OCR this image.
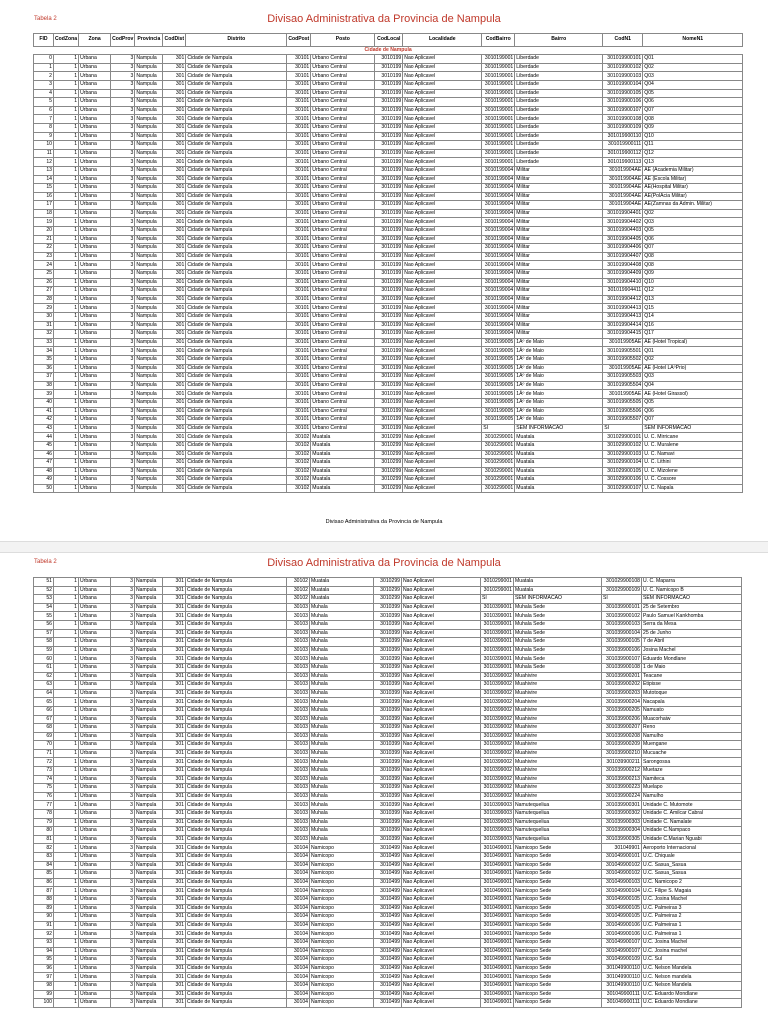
Tabela 2	Divisao Administrativa da Provincia de Nampula
FID	CodZona	Zona	CodProv	Provincia	CodDist	Distrito	CodPost	Posto	CodLocal	Localidade	CodBairro	Bairro	CodN1	NomeN1
Cidade de Nampula														
0	1	Urbana	3	Nampula	301	Cidade de Nampula	30101	Urbano Central	3010199	Nao Aplicavel	3010199001	Liberdade	301019900101	Q01
1	1	Urbana	3	Nampula	301	Cidade de Nampula	30101	Urbano Central	3010199	Nao Aplicavel	3010199001	Liberdade	301019900102	Q02
2	1	Urbana	3	Nampula	301	Cidade de Nampula	30101	Urbano Central	3010199	Nao Aplicavel	3010199001	Liberdade	301019900103	Q03
3	1	Urbana	3	Nampula	301	Cidade de Nampula	30101	Urbano Central	3010199	Nao Aplicavel	3010199001	Liberdade	301019900104	Q04
4	1	Urbana	3	Nampula	301	Cidade de Nampula	30101	Urbano Central	3010199	Nao Aplicavel	3010199001	Liberdade	301019900105	Q05
5	1	Urbana	3	Nampula	301	Cidade de Nampula	30101	Urbano Central	3010199	Nao Aplicavel	3010199001	Liberdade	301019900106	Q06
6	1	Urbana	3	Nampula	301	Cidade de Nampula	30101	Urbano Central	3010199	Nao Aplicavel	3010199001	Liberdade	301019900107	Q07
7	1	Urbana	3	Nampula	301	Cidade de Nampula	30101	Urbano Central	3010199	Nao Aplicavel	3010199001	Liberdade	301019900108	Q08
8	1	Urbana	3	Nampula	301	Cidade de Nampula	30101	Urbano Central	3010199	Nao Aplicavel	3010199001	Liberdade	301019900109	Q09
9	1	Urbana	3	Nampula	301	Cidade de Nampula	30101	Urbano Central	3010199	Nao Aplicavel	3010199001	Liberdade	301019900110	Q10
10	1	Urbana	3	Nampula	301	Cidade de Nampula	30101	Urbano Central	3010199	Nao Aplicavel	3010199001	Liberdade	301019900111	Q11
11	1	Urbana	3	Nampula	301	Cidade de Nampula	30101	Urbano Central	3010199	Nao Aplicavel	3010199001	Liberdade	301019900112	Q12
12	1	Urbana	3	Nampula	301	Cidade de Nampula	30101	Urbano Central	3010199	Nao Aplicavel	3010199001	Liberdade	301019900113	Q13
13	1	Urbana	3	Nampula	301	Cidade de Nampula	30101	Urbano Central	3010199	Nao Aplicavel	3010199004	Militar	301019904AE	AE (Academia Militar)
14	1	Urbana	3	Nampula	301	Cidade de Nampula	30101	Urbano Central	3010199	Nao Aplicavel	3010199004	Militar	301019904AE	AE (Escola Militar)
15	1	Urbana	3	Nampula	301	Cidade de Nampula	30101	Urbano Central	3010199	Nao Aplicavel	3010199004	Militar	301019904AE	AE(Hospital Militar)
16	1	Urbana	3	Nampula	301	Cidade de Nampula	30101	Urbano Central	3010199	Nao Aplicavel	3010199004	Militar	301019904AE	AE(PolÃcia Militar)
17	1	Urbana	3	Nampula	301	Cidade de Nampula	30101	Urbano Central	3010199	Nao Aplicavel	3010199004	Militar	301019904AE	AE(Zamnas da Admin. Militar)
18	1	Urbana	3	Nampula	301	Cidade de Nampula	30101	Urbano Central	3010199	Nao Aplicavel	3010199004	Militar	301019904401	Q02
19	1	Urbana	3	Nampula	301	Cidade de Nampula	30101	Urbano Central	3010199	Nao Aplicavel	3010199004	Militar	301019904402	Q03
20	1	Urbana	3	Nampula	301	Cidade de Nampula	30101	Urbano Central	3010199	Nao Aplicavel	3010199004	Militar	301019904403	Q05
21	1	Urbana	3	Nampula	301	Cidade de Nampula	30101	Urbano Central	3010199	Nao Aplicavel	3010199004	Militar	301019904405	Q06
22	1	Urbana	3	Nampula	301	Cidade de Nampula	30101	Urbano Central	3010199	Nao Aplicavel	3010199004	Militar	301019904406	Q07
23	1	Urbana	3	Nampula	301	Cidade de Nampula	30101	Urbano Central	3010199	Nao Aplicavel	3010199004	Militar	301019904407	Q08
24	1	Urbana	3	Nampula	301	Cidade de Nampula	30101	Urbano Central	3010199	Nao Aplicavel	3010199004	Militar	301019904408	Q08
25	1	Urbana	3	Nampula	301	Cidade de Nampula	30101	Urbano Central	3010199	Nao Aplicavel	3010199004	Militar	301019904409	Q09
26	1	Urbana	3	Nampula	301	Cidade de Nampula	30101	Urbano Central	3010199	Nao Aplicavel	3010199004	Militar	301019904410	Q10
27	1	Urbana	3	Nampula	301	Cidade de Nampula	30101	Urbano Central	3010199	Nao Aplicavel	3010199004	Militar	301019904411	Q12
28	1	Urbana	3	Nampula	301	Cidade de Nampula	30101	Urbano Central	3010199	Nao Aplicavel	3010199004	Militar	301019904412	Q13
29	1	Urbana	3	Nampula	301	Cidade de Nampula	30101	Urbano Central	3010199	Nao Aplicavel	3010199004	Militar	301019904413	Q15
30	1	Urbana	3	Nampula	301	Cidade de Nampula	30101	Urbano Central	3010199	Nao Aplicavel	3010199004	Militar	301019904413	Q14
31	1	Urbana	3	Nampula	301	Cidade de Nampula	30101	Urbano Central	3010199	Nao Aplicavel	3010199004	Militar	301019904414	Q16
32	1	Urbana	3	Nampula	301	Cidade de Nampula	30101	Urbano Central	3010199	Nao Aplicavel	3010199004	Militar	301019904415	Q17
33	1	Urbana	3	Nampula	301	Cidade de Nampula	30101	Urbano Central	3010199	Nao Aplicavel	3010199005	1Âº de Maio	301019905AE	AE (Hotel Tropical)
34	1	Urbana	3	Nampula	301	Cidade de Nampula	30101	Urbano Central	3010199	Nao Aplicavel	3010199005	1Âº de Maio	301019905501	Q01
35	1	Urbana	3	Nampula	301	Cidade de Nampula	30101	Urbano Central	3010199	Nao Aplicavel	3010199005	1Âº de Maio	301019905502	Q02
36	1	Urbana	3	Nampula	301	Cidade de Nampula	30101	Urbano Central	3010199	Nao Aplicavel	3010199005	1Âº de Maio	301019905AE	AE (Hotel LÂºPrio)
37	1	Urbana	3	Nampula	301	Cidade de Nampula	30101	Urbano Central	3010199	Nao Aplicavel	3010199005	1Âº de Maio	301019905503	Q03
38	1	Urbana	3	Nampula	301	Cidade de Nampula	30101	Urbano Central	3010199	Nao Aplicavel	3010199005	1Âº de Maio	301019905504	Q04
39	1	Urbana	3	Nampula	301	Cidade de Nampula	30101	Urbano Central	3010199	Nao Aplicavel	3010199005	1Âº de Maio	301019905AE	AE (Hotel Girassol)
40	1	Urbana	3	Nampula	301	Cidade de Nampula	30101	Urbano Central	3010199	Nao Aplicavel	3010199005	1Âº de Maio	301019905505	Q05
41	1	Urbana	3	Nampula	301	Cidade de Nampula	30101	Urbano Central	3010199	Nao Aplicavel	3010199005	1Âº de Maio	301019905506	Q06
42	1	Urbana	3	Nampula	301	Cidade de Nampula	30101	Urbano Central	3010199	Nao Aplicavel	3010199005	1Âº de Maio	301019905507	Q07
43	1	Urbana	3	Nampula	301	Cidade de Nampula	30101	Urbano Central	3010199	Nao Aplicavel	SI	SEM INFORMACAO	SI	SEM INFORMACAO
44	1	Urbana	3	Nampula	301	Cidade de Nampula	30102	Muatala	3010299	Nao Aplicavel	3010299001	Muatala	301029900101	U. C. Mirricane
45	1	Urbana	3	Nampula	301	Cidade de Nampula	30102	Muatala	3010299	Nao Aplicavel	3010299001	Muatala	301029900102	U. C. Muralene
46	1	Urbana	3	Nampula	301	Cidade de Nampula	30102	Muatala	3010299	Nao Aplicavel	3010299001	Muatala	301029900103	U. C. Namavi
47	1	Urbana	3	Nampula	301	Cidade de Nampula	30102	Muatala	3010299	Nao Aplicavel	3010299001	Muatala	301029900104	U. C. Lithini
48	1	Urbana	3	Nampula	301	Cidade de Nampula	30102	Muatala	3010299	Nao Aplicavel	3010299001	Muatala	301029900105	U. C. Mizolene
49	1	Urbana	3	Nampula	301	Cidade de Nampula	30102	Muatala	3010299	Nao Aplicavel	3010299001	Muatala	301029900106	U. C. Cossore
50	1	Urbana	3	Nampula	301	Cidade de Nampula	30102	Muatala	3010299	Nao Aplicavel	3010299001	Muatala	301029900107	U. C. Napala
Divisao Administrativa da Provincia de Nampula
Tabela 2	Divisao Administrativa da Provincia de Nampula
51	1	Urbana	3	Nampula	301	Cidade de Nampula	30102	Muatala	3010299	Nao Aplicavel	3010299001	Muatala	301029900108	U. C. Maparra
52	1	Urbana	3	Nampula	301	Cidade de Nampula	30102	Muatala	3010299	Nao Aplicavel	3010299001	Muatala	301029900109	U. C. Namicopo B
53	1	Urbana	3	Nampula	301	Cidade de Nampula	30102	Muatala	3010299	Nao Aplicavel	SI	SEM INFORMACAO	SI	SEM INFORMACAO
54	1	Urbana	3	Nampula	301	Cidade de Nampula	30103	Muhala	3010399	Nao Aplicavel	3010399001	Muhala Sede	301039900101	25 de Setembro
55	1	Urbana	3	Nampula	301	Cidade de Nampula	30103	Muhala	3010399	Nao Aplicavel	3010399001	Muhala Sede	301039900102	Paulo Samuel Kankhomba
56	1	Urbana	3	Nampula	301	Cidade de Nampula	30103	Muhala	3010399	Nao Aplicavel	3010399001	Muhala Sede	301039900103	Serra da Mesa
57	1	Urbana	3	Nampula	301	Cidade de Nampula	30103	Muhala	3010399	Nao Aplicavel	3010399001	Muhala Sede	301039900104	25 de Junho
58	1	Urbana	3	Nampula	301	Cidade de Nampula	30103	Muhala	3010399	Nao Aplicavel	3010399001	Muhala Sede	301039900105	7 de Abril
59	1	Urbana	3	Nampula	301	Cidade de Nampula	30103	Muhala	3010399	Nao Aplicavel	3010399001	Muhala Sede	301039900106	Josina Machel
60	1	Urbana	3	Nampula	301	Cidade de Nampula	30103	Muhala	3010399	Nao Aplicavel	3010399001	Muhala Sede	301039900107	Eduardo Mondlane
61	1	Urbana	3	Nampula	301	Cidade de Nampula	30103	Muhala	3010399	Nao Aplicavel	3010399001	Muhala Sede	301039900108	1 de Maio
62	1	Urbana	3	Nampula	301	Cidade de Nampula	30103	Muhala	3010399	Nao Aplicavel	3010399002	Muahivire	301039900201	Teacane
63	1	Urbana	3	Nampula	301	Cidade de Nampula	30103	Muhala	3010399	Nao Aplicavel	3010399002	Muahivire	301039900202	Etipisse
64	1	Urbana	3	Nampula	301	Cidade de Nampula	30103	Muhala	3010399	Nao Aplicavel	3010399002	Muahivire	301039900203	Mutotoque
65	1	Urbana	3	Nampula	301	Cidade de Nampula	30103	Muhala	3010399	Nao Aplicavel	3010399002	Muahivire	301039900204	Nacapala
66	1	Urbana	3	Nampula	301	Cidade de Nampula	30103	Muhala	3010399	Nao Aplicavel	3010399002	Muahivire	301039900205	Namuato
67	1	Urbana	3	Nampula	301	Cidade de Nampula	30103	Muhala	3010399	Nao Aplicavel	3010399002	Muahivire	301039900206	Muacorhaiw
68	1	Urbana	3	Nampula	301	Cidade de Nampula	30103	Muhala	3010399	Nao Aplicavel	3010399002	Muahivire	301039900207	Reno
69	1	Urbana	3	Nampula	301	Cidade de Nampula	30103	Muhala	3010399	Nao Aplicavel	3010399002	Muahivire	301039900208	Namulho
70	1	Urbana	3	Nampula	301	Cidade de Nampula	30103	Muhala	3010399	Nao Aplicavel	3010399002	Muahivire	301039900209	Muengane
71	1	Urbana	3	Nampula	301	Cidade de Nampula	30103	Muhala	3010399	Nao Aplicavel	3010399002	Muahivire	301039900210	Mucuache
72	1	Urbana	3	Nampula	301	Cidade de Nampula	30103	Muhala	3010399	Nao Aplicavel	3010399002	Muahivire	301039900211	Sarongossa
73	1	Urbana	3	Nampula	301	Cidade de Nampula	30103	Muhala	3010399	Nao Aplicavel	3010399002	Muahivire	301039900212	Muetaze
74	1	Urbana	3	Nampula	301	Cidade de Nampula	30103	Muhala	3010399	Nao Aplicavel	3010399002	Muahivire	301039900213	Namiteca
75	1	Urbana	3	Nampula	301	Cidade de Nampula	30103	Muhala	3010399	Nao Aplicavel	3010399002	Muahivire	301039900223	Muelapo
76	1	Urbana	3	Nampula	301	Cidade de Nampula	30103	Muhala	3010399	Nao Aplicavel	3010399002	Muahivire	301039900224	Namulho
77	1	Urbana	3	Nampula	301	Cidade de Nampula	30103	Muhala	3010399	Nao Aplicavel	3010399003	Namutequeliua	301039900301	Unidade C. Mutomote
78	1	Urbana	3	Nampula	301	Cidade de Nampula	30103	Muhala	3010399	Nao Aplicavel	3010399003	Namutequeliua	301039900302	Unidade C. Amilcar Cabral
79	1	Urbana	3	Nampula	301	Cidade de Nampula	30103	Muhala	3010399	Nao Aplicavel	3010399003	Namutequeliua	301039900303	Unidade C. Namalate
80	1	Urbana	3	Nampula	301	Cidade de Nampula	30103	Muhala	3010399	Nao Aplicavel	3010399003	Namutequeliua	301039900304	Unidade C.Nampaco
81	1	Urbana	3	Nampula	301	Cidade de Nampula	30103	Muhala	3010399	Nao Aplicavel	3010399003	Namutequeliua	301039900305	Unidade C.Marian Nguabi
82	1	Urbana	3	Nampula	301	Cidade de Nampula	30104	Namicopo	3010499	Nao Aplicavel	3010499001	Namicopo Sede	301049901	Aeroporto Internacional
83	1	Urbana	3	Nampula	301	Cidade de Nampula	30104	Namicopo	3010499	Nao Aplicavel	3010499001	Namicopo Sede	301049900101	U.C. Chiquale
84	1	Urbana	3	Nampula	301	Cidade de Nampula	30104	Namicopo	3010499	Nao Aplicavel	3010499001	Namicopo Sede	301049900102	U.C. Sasua_Sasua
85	1	Urbana	3	Nampula	301	Cidade de Nampula	30104	Namicopo	3010499	Nao Aplicavel	3010499001	Namicopo Sede	301049900102	U.C. Sasua_Sasua
86	1	Urbana	3	Nampula	301	Cidade de Nampula	30104	Namicopo	3010499	Nao Aplicavel	3010499001	Namicopo Sede	301049900103	U.C. Namicopo 2
87	1	Urbana	3	Nampula	301	Cidade de Nampula	30104	Namicopo	3010499	Nao Aplicavel	3010499001	Namicopo Sede	301049900104	U.C. Filipe S. Magaia
88	1	Urbana	3	Nampula	301	Cidade de Nampula	30104	Namicopo	3010499	Nao Aplicavel	3010499001	Namicopo Sede	301049900105	U.C. Josina Machel
89	1	Urbana	3	Nampula	301	Cidade de Nampula	30104	Namicopo	3010499	Nao Aplicavel	3010499001	Namicopo Sede	301049900105	U.C. Palmeiras 3
90	1	Urbana	3	Nampula	301	Cidade de Nampula	30104	Namicopo	3010499	Nao Aplicavel	3010499001	Namicopo Sede	301049900105	U.C. Palmeiras 2
91	1	Urbana	3	Nampula	301	Cidade de Nampula	30104	Namicopo	3010499	Nao Aplicavel	3010499001	Namicopo Sede	301049900106	U.C. Palmeiras 1
92	1	Urbana	3	Nampula	301	Cidade de Nampula	30104	Namicopo	3010499	Nao Aplicavel	3010499001	Namicopo Sede	301049900106	U.C. Palmeiras 1
93	1	Urbana	3	Nampula	301	Cidade de Nampula	30104	Namicopo	3010499	Nao Aplicavel	3010499001	Namicopo Sede	301049900107	U.C. Josina Machel
94	1	Urbana	3	Nampula	301	Cidade de Nampula	30104	Namicopo	3010499	Nao Aplicavel	3010499001	Namicopo Sede	301049900107	U.C. Josina machel
95	1	Urbana	3	Nampula	301	Cidade de Nampula	30104	Namicopo	3010499	Nao Aplicavel	3010499001	Namicopo Sede	301049900109	U.C. Sul
96	1	Urbana	3	Nampula	301	Cidade de Nampula	30104	Namicopo	3010499	Nao Aplicavel	3010499001	Namicopo Sede	301049900110	U.C. Nelson Mandela
97	1	Urbana	3	Nampula	301	Cidade de Nampula	30104	Namicopo	3010499	Nao Aplicavel	3010499001	Namicopo Sede	301049900110	U.C. Nelson mandela
98	1	Urbana	3	Nampula	301	Cidade de Nampula	30104	Namicopo	3010499	Nao Aplicavel	3010499001	Namicopo Sede	301049900110	U.C. Nelson Mandela
99	1	Urbana	3	Nampula	301	Cidade de Nampula	30104	Namicopo	3010499	Nao Aplicavel	3010499001	Namicopo Sede	301049900111	U.C. Eduardo Mondlane
100	1	Urbana	3	Nampula	301	Cidade de Nampula	30104	Namicopo	3010499	Nao Aplicavel	3010499001	Namicopo Sede	301049900111	U.C. Eduardo Mondlane
